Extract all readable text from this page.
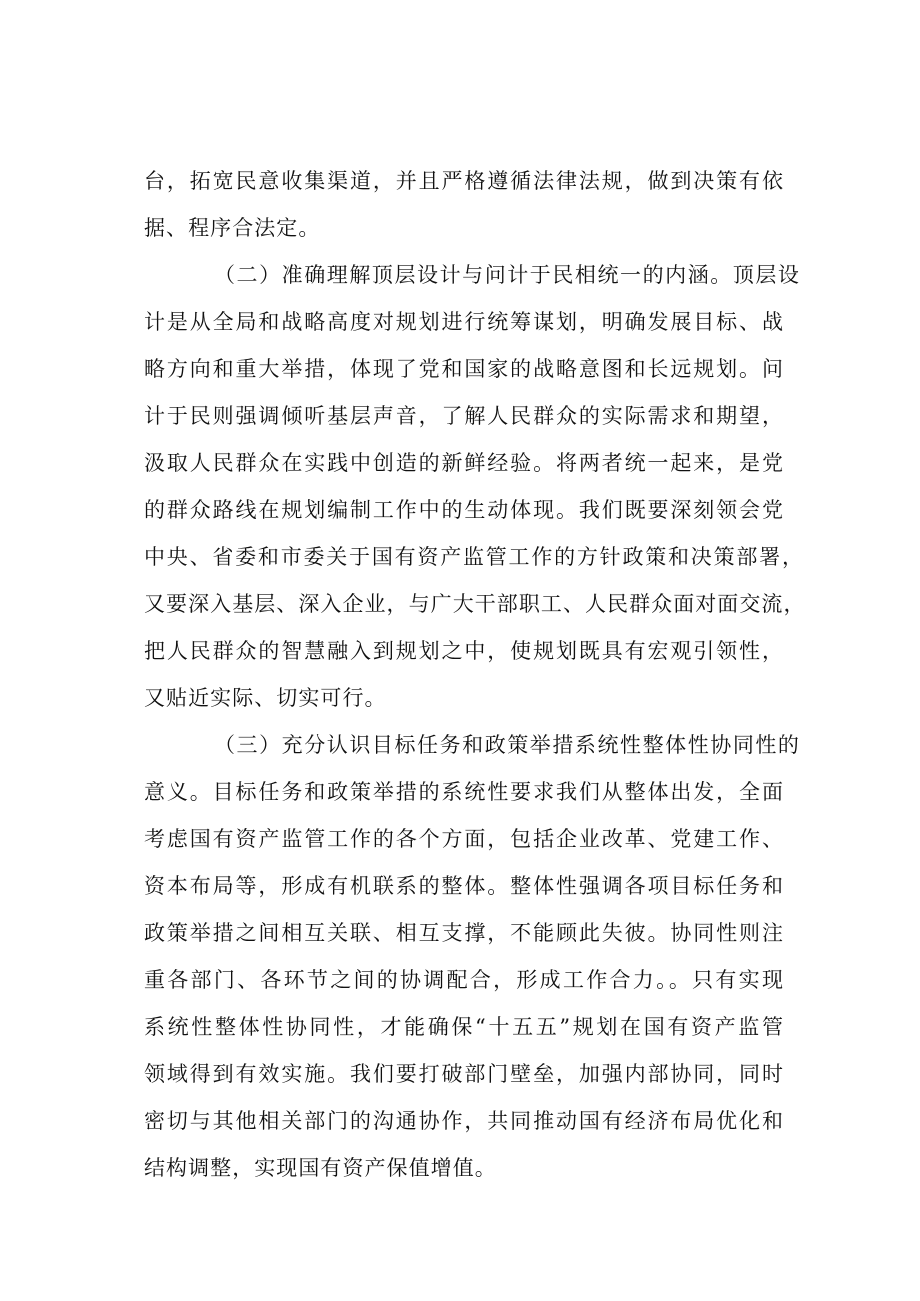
台，拓宽民意收集渠道，并且严格遵循法律法规，做到决策有依
据、程序合法定。
（二）准确理解顶层设计与问计于民相统一的内涵。顶层设
计是从全局和战略高度对规划进行统筹谋划，明确发展目标、战
略方向和重大举措，体现了党和国家的战略意图和长远规划。问
计于民则强调倾听基层声音，了解人民群众的实际需求和期望，
汲取人民群众在实践中创造的新鲜经验。将两者统一起来，是党
的群众路线在规划编制工作中的生动体现。我们既要深刻领会党
中央、省委和市委关于国有资产监管工作的方针政策和决策部署，
又要深入基层、深入企业，与广大干部职工、人民群众面对面交流，
把人民群众的智慧融入到规划之中，使规划既具有宏观引领性，
又贴近实际、切实可行。
（三）充分认识目标任务和政策举措系统性整体性协同性的
意义。目标任务和政策举措的系统性要求我们从整体出发，全面
考虑国有资产监管工作的各个方面，包括企业改革、党建工作、
资本布局等，形成有机联系的整体。整体性强调各项目标任务和
政策举措之间相互关联、相互支撑，不能顾此失彼。协同性则注
重各部门、各环节之间的协调配合，形成工作合力。。只有实现
系统性整体性协同性，才能确保“十五五”规划在国有资产监管
领域得到有效实施。我们要打破部门壁垒，加强内部协同，同时
密切与其他相关部门的沟通协作，共同推动国有经济布局优化和
结构调整，实现国有资产保值增值。
